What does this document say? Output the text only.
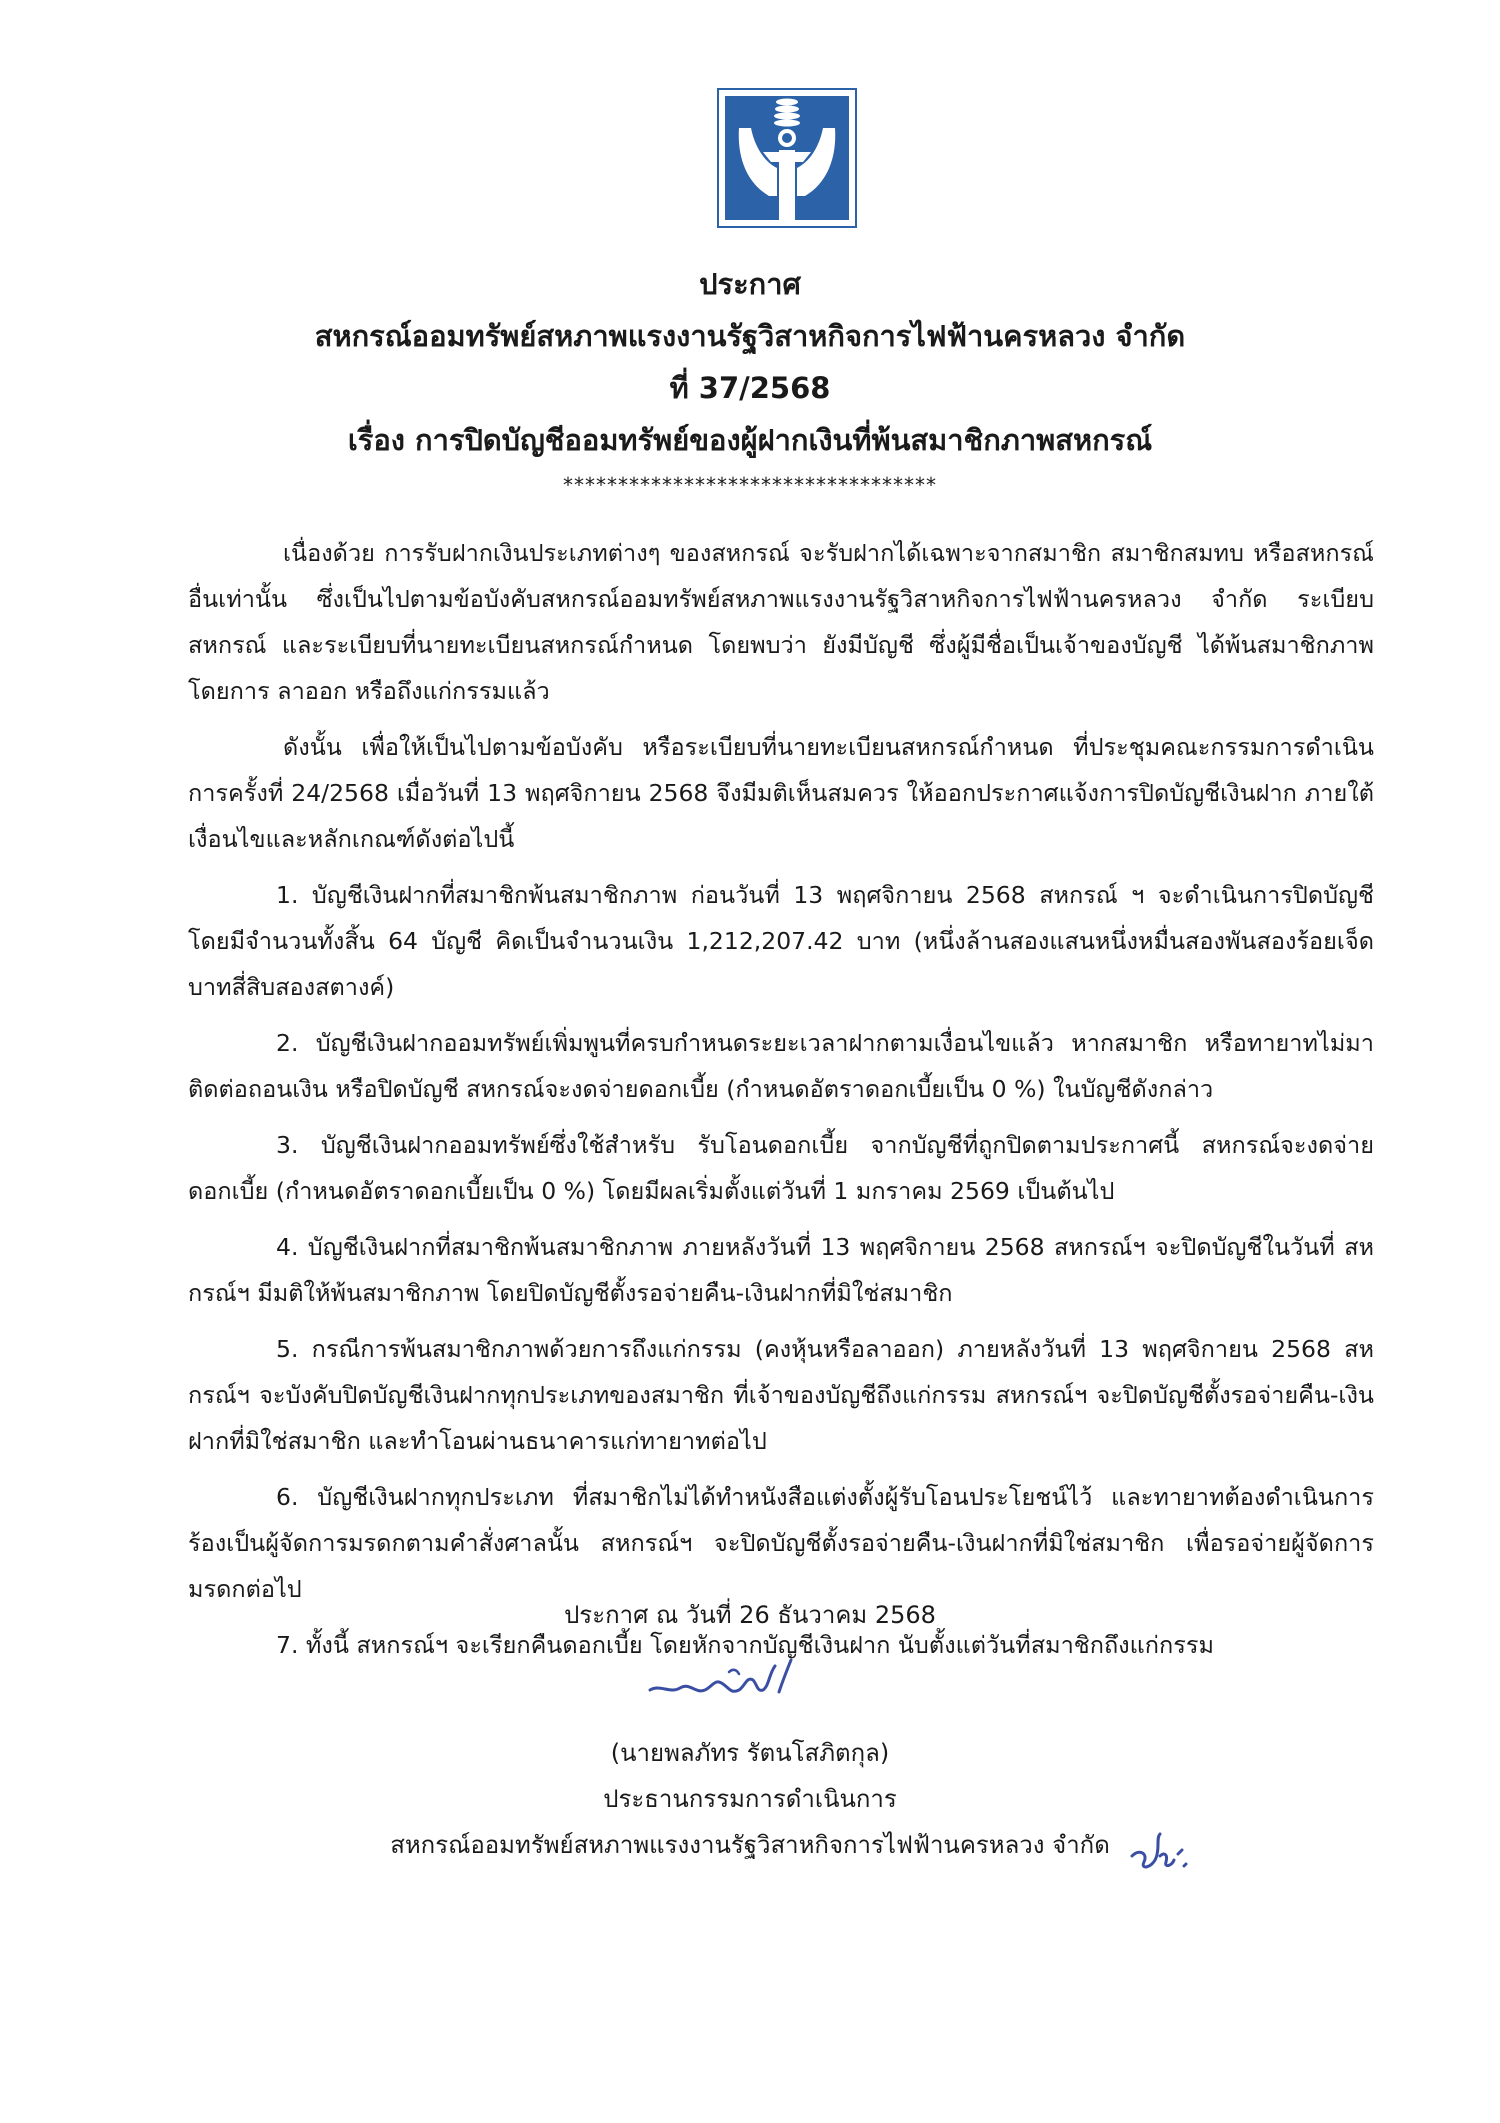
ประกาศ
สหกรณ์ออมทรัพย์สหภาพแรงงานรัฐวิสาหกิจการไฟฟ้านครหลวง จำกัด
ที่ 37/2568
เรื่อง การปิดบัญชีออมทรัพย์ของผู้ฝากเงินที่พ้นสมาชิกภาพสหกรณ์
**********************************

เนื่องด้วย การรับฝากเงินประเภทต่างๆ ของสหกรณ์ จะรับฝากได้เฉพาะจากสมาชิก สมาชิกสมทบ หรือสหกรณ์อื่นเท่านั้น ซึ่งเป็นไปตามข้อบังคับสหกรณ์ออมทรัพย์สหภาพแรงงานรัฐวิสาหกิจการไฟฟ้านครหลวง จำกัด ระเบียบสหกรณ์ และระเบียบที่นายทะเบียนสหกรณ์กำหนด โดยพบว่า ยังมีบัญชี ซึ่งผู้มีชื่อเป็นเจ้าของบัญชี ได้พ้นสมาชิกภาพโดยการ ลาออก หรือถึงแก่กรรมแล้ว

ดังนั้น เพื่อให้เป็นไปตามข้อบังคับ หรือระเบียบที่นายทะเบียนสหกรณ์กำหนด ที่ประชุมคณะกรรมการดำเนินการครั้งที่ 24/2568 เมื่อวันที่ 13 พฤศจิกายน 2568 จึงมีมติเห็นสมควร ให้ออกประกาศแจ้งการปิดบัญชีเงินฝาก ภายใต้เงื่อนไขและหลักเกณฑ์ดังต่อไปนี้

1. บัญชีเงินฝากที่สมาชิกพ้นสมาชิกภาพ ก่อนวันที่ 13 พฤศจิกายน 2568 สหกรณ์ ฯ จะดำเนินการปิดบัญชี โดยมีจำนวนทั้งสิ้น 64 บัญชี คิดเป็นจำนวนเงิน 1,212,207.42 บาท (หนึ่งล้านสองแสนหนึ่งหมื่นสองพันสองร้อยเจ็ดบาทสี่สิบสองสตางค์)

2. บัญชีเงินฝากออมทรัพย์เพิ่มพูนที่ครบกำหนดระยะเวลาฝากตามเงื่อนไขแล้ว หากสมาชิก หรือทายาทไม่มาติดต่อถอนเงิน หรือปิดบัญชี สหกรณ์จะงดจ่ายดอกเบี้ย (กำหนดอัตราดอกเบี้ยเป็น 0 %) ในบัญชีดังกล่าว

3. บัญชีเงินฝากออมทรัพย์ซึ่งใช้สำหรับ รับโอนดอกเบี้ย จากบัญชีที่ถูกปิดตามประกาศนี้ สหกรณ์จะงดจ่ายดอกเบี้ย (กำหนดอัตราดอกเบี้ยเป็น 0 %) โดยมีผลเริ่มตั้งแต่วันที่ 1 มกราคม 2569 เป็นต้นไป

4. บัญชีเงินฝากที่สมาชิกพ้นสมาชิกภาพ ภายหลังวันที่ 13 พฤศจิกายน 2568 สหกรณ์ฯ จะปิดบัญชีในวันที่ สหกรณ์ฯ มีมติให้พ้นสมาชิกภาพ โดยปิดบัญชีตั้งรอจ่ายคืน-เงินฝากที่มิใช่สมาชิก

5. กรณีการพ้นสมาชิกภาพด้วยการถึงแก่กรรม (คงหุ้นหรือลาออก) ภายหลังวันที่ 13 พฤศจิกายน 2568 สหกรณ์ฯ จะบังคับปิดบัญชีเงินฝากทุกประเภทของสมาชิก ที่เจ้าของบัญชีถึงแก่กรรม สหกรณ์ฯ จะปิดบัญชีตั้งรอจ่ายคืน-เงินฝากที่มิใช่สมาชิก และทำโอนผ่านธนาคารแก่ทายาทต่อไป

6. บัญชีเงินฝากทุกประเภท ที่สมาชิกไม่ได้ทำหนังสือแต่งตั้งผู้รับโอนประโยชน์ไว้ และทายาทต้องดำเนินการร้องเป็นผู้จัดการมรดกตามคำสั่งศาลนั้น สหกรณ์ฯ จะปิดบัญชีตั้งรอจ่ายคืน-เงินฝากที่มิใช่สมาชิก เพื่อรอจ่ายผู้จัดการมรดกต่อไป

7. ทั้งนี้ สหกรณ์ฯ จะเรียกคืนดอกเบี้ย โดยหักจากบัญชีเงินฝาก นับตั้งแต่วันที่สมาชิกถึงแก่กรรม

ประกาศ ณ วันที่ 26 ธันวาคม 2568
(นายพลภัทร รัตนโสภิตกุล)
ประธานกรรมการดำเนินการ
สหกรณ์ออมทรัพย์สหภาพแรงงานรัฐวิสาหกิจการไฟฟ้านครหลวง จำกัด
